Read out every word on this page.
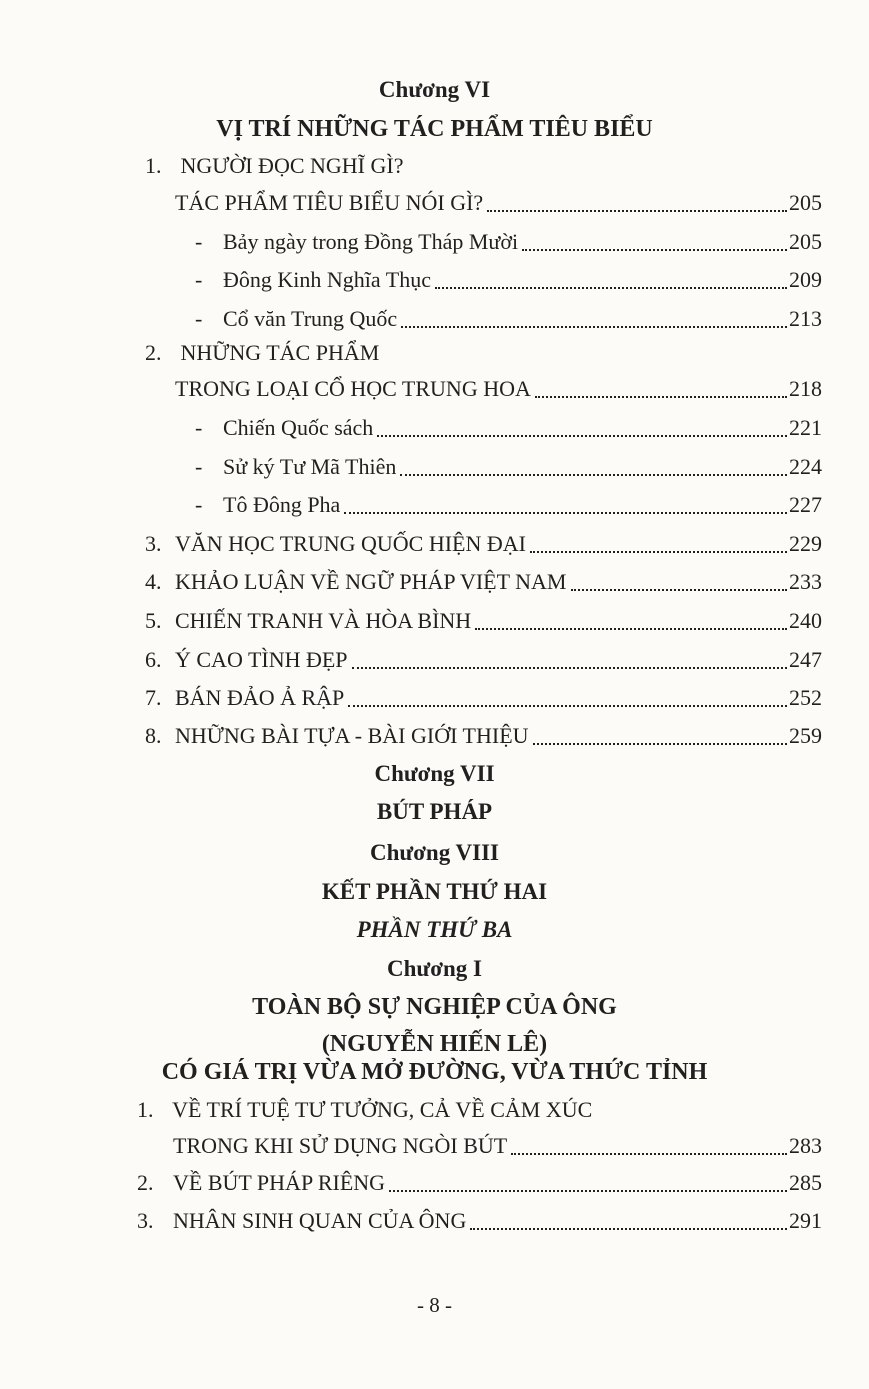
Chương VI
VỊ TRÍ NHỮNG TÁC PHẨM TIÊU BIỂU
1. NGƯỜI ĐỌC NGHĨ GÌ?
TÁC PHẨM TIÊU BIỂU NÓI GÌ?	205
- Bảy ngày trong Đồng Tháp Mười	205
- Đông Kinh Nghĩa Thục	209
- Cổ văn Trung Quốc	213
2. NHỮNG TÁC PHẨM
TRONG LOẠI CỔ HỌC TRUNG HOA	218
- Chiến Quốc sách	221
- Sử ký Tư Mã Thiên	224
- Tô Đông Pha	227
3. VĂN HỌC TRUNG QUỐC HIỆN ĐẠI	229
4. KHẢO LUẬN VỀ NGỮ PHÁP VIỆT NAM	233
5. CHIẾN TRANH VÀ HÒA BÌNH	240
6. Ý CAO TÌNH ĐẸP	247
7. BÁN ĐẢO Ả RẬP	252
8. NHỮNG BÀI TỰA - BÀI GIỚI THIỆU	259
Chương VII
BÚT PHÁP
Chương VIII
KẾT PHẦN THỨ HAI
PHẦN THỨ BA
Chương I
TOÀN BỘ SỰ NGHIỆP CỦA ÔNG
(NGUYỄN HIẾN LÊ)
CÓ GIÁ TRỊ VỪA MỞ ĐƯỜNG, VỪA THỨC TỈNH
1. VỀ TRÍ TUỆ TƯ TƯỞNG, CẢ VỀ CẢM XÚC
TRONG KHI SỬ DỤNG NGÒI BÚT	283
2. VỀ BÚT PHÁP RIÊNG	285
3. NHÂN SINH QUAN CỦA ÔNG	291
- 8 -
